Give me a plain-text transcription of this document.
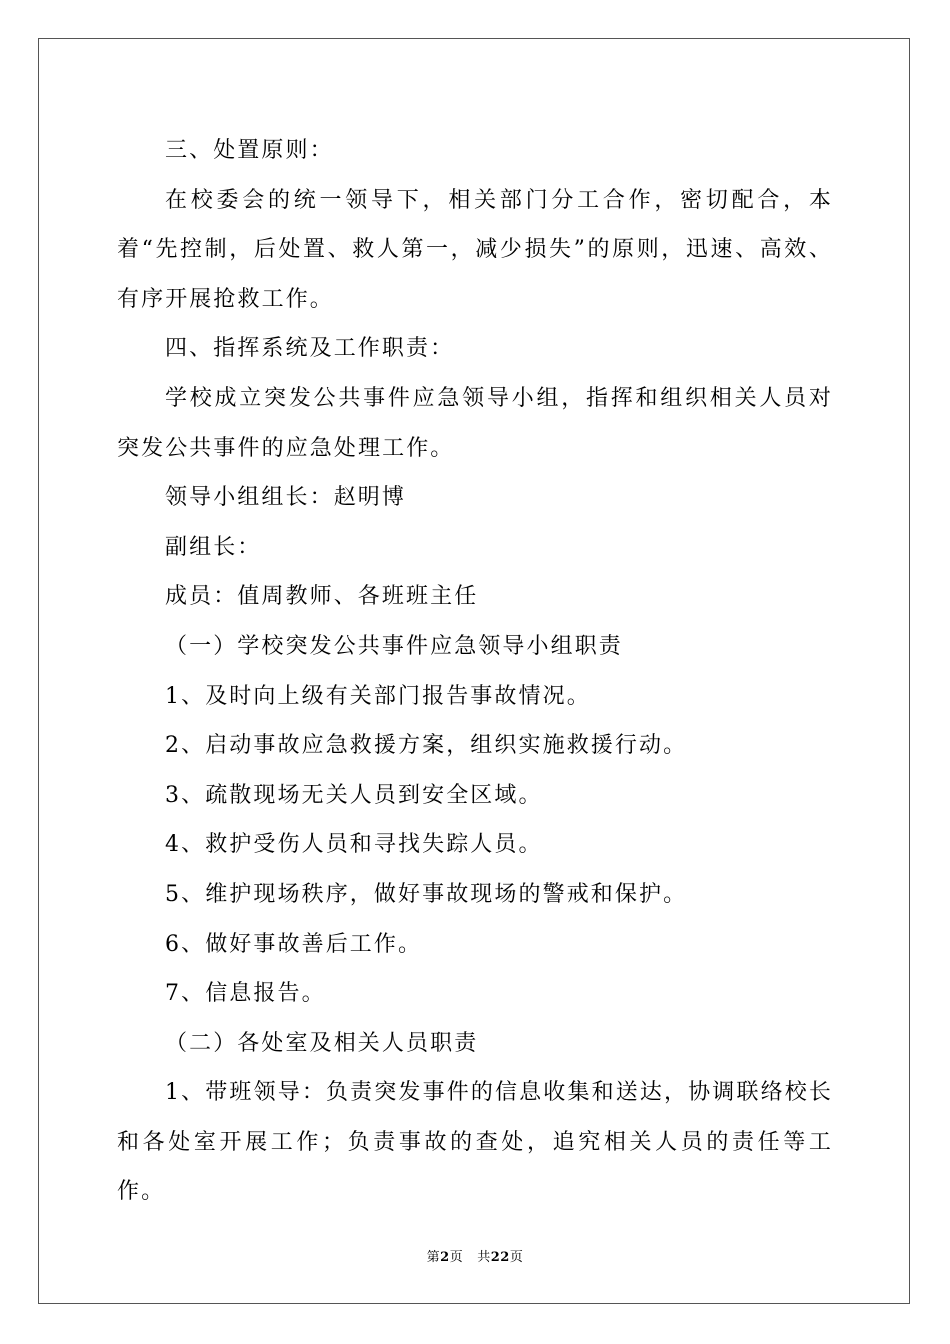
三、处置原则：

在校委会的统一领导下，相关部门分工合作，密切配合，本着“先控制，后处置、救人第一，减少损失”的原则，迅速、高效、有序开展抢救工作。

四、指挥系统及工作职责：

学校成立突发公共事件应急领导小组，指挥和组织相关人员对突发公共事件的应急处理工作。

领导小组组长：赵明博

副组长：

成员：值周教师、各班班主任

（一）学校突发公共事件应急领导小组职责

1、及时向上级有关部门报告事故情况。

2、启动事故应急救援方案，组织实施救援行动。

3、疏散现场无关人员到安全区域。

4、救护受伤人员和寻找失踪人员。

5、维护现场秩序，做好事故现场的警戒和保护。

6、做好事故善后工作。

7、信息报告。

（二）各处室及相关人员职责

1、带班领导：负责突发事件的信息收集和送达，协调联络校长和各处室开展工作；负责事故的查处，追究相关人员的责任等工作。

第2页 共22页
